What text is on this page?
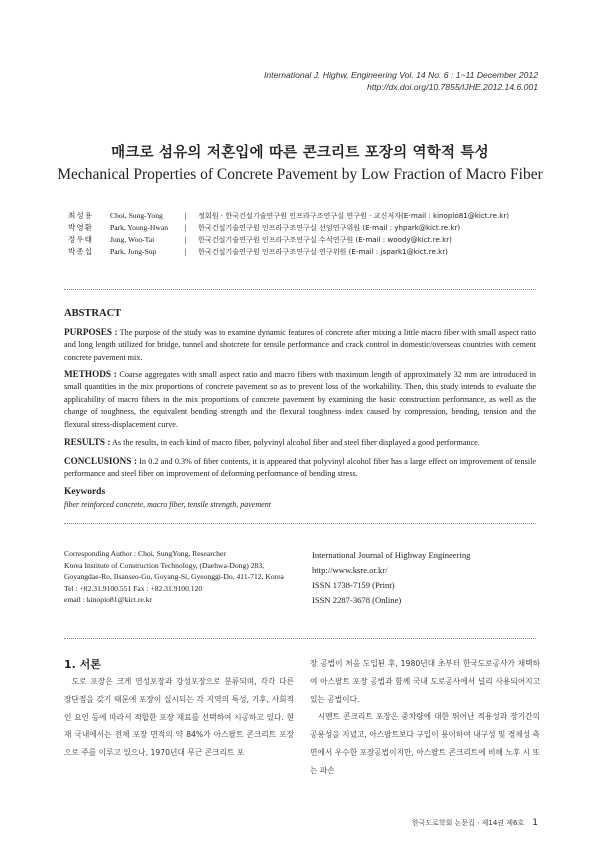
International J. Highw. Engineering Vol. 14 No. 6 : 1~11 December 2012
http://dx.doi.org/10.7855/IJHE.2012.14.6.001
매크로 섬유의 저혼입에 따른 콘크리트 포장의 역학적 특성
Mechanical Properties of Concrete Pavement by Low Fraction of Macro Fiber
최성용 Choi, Sung-Yong	| 정회원 · 한국건설기술연구원 인프라구조연구실 연구원 · 교신저자(E-mail : kinopio81@kict.re.kr)
박영환 Park, Young-Hwan | 한국건설기술연구원 인프라구조연구실 선임연구위원 (E-mail : yhpark@kict.re.kr)
정우태 Jung, Woo-Tai	| 한국건설기술연구원 인프라구조연구실 수석연구원 (E-mail : woody@kict.re.kr)
박종섭 Park, Jong-Sup	| 한국건설기술연구원 인프라구조연구실 연구위원 (E-mail : jspark1@kict.re.kr)
ABSTRACT
PURPOSES : The purpose of the study was to examine dynamic features of concrete after mixing a little macro fiber with small aspect ratio and long length utilized for bridge, tunnel and shotcrete for tensile performance and crack control in domestic/overseas countries with cement concrete pavement mix.
METHODS : Coarse aggregates with small aspect ratio and macro fibers with maximum length of approximately 32 mm are introduced in small quantities in the mix proportions of concrete pavement so as to prevent loss of the workability. Then, this study intends to evaluate the applicability of macro fibers in the mix proportions of concrete pavement by examining the basic construction performance, as well as the change of toughness, the equivalent bending strength and the flexural toughness index caused by compression, bending, tension and the flexural stress-displacement curve.
RESULTS : As the results, in each kind of macro fiber, polyvinyl alcohol fiber and steel fiber displayed a good performance.
CONCLUSIONS : In 0.2 and 0.3% of fiber contents, it is appeared that polyvinyl alcohol fiber has a large effect on improvement of tensile performance and steel fiber on improvement of deforming performance of bending stress.
Keywords
fiber reinforced concrete, macro fiber, tensile strength, pavement
Corresponding Author : Choi, SungYong, Researcher
Korea Institute of Construction Technology, (Daehwa-Dong) 283,
Goyangdae-Ro, Ilsanseo-Gu, Goyang-Si, Gyeonggi-Do, 411-712, Korea
Tel : +82.31.9100.551 Fax : +82.31.9100.120
email : kinopio81@kict.re.kr
International Journal of Highway Engineering
http://www.ksre.or.kr/
ISSN 1738-7159 (Print)
ISSN 2287-3678 (Online)
1. 서론

도로 포장은 크게 연성포장과 강성포장으로 분류되며, 각각 다른 장단점을 갖기 때문에 포장이 실시되는 각 지역의 특성, 기후, 사회적인 요인 등에 따라서 적합한 포장 재료를 선택하여 시공하고 있다. 현재 국내에서는 전체 포장 면적의 약 84%가 아스팔트 콘크리트 포장으로 주를 이루고 있으나, 1970년대 무근 콘크리트 포

장 공법이 처음 도입된 후, 1980년대 초부터 한국도로공사가 채택하여 아스팔트 포장 공법과 함께 국내 도로공사에서 널리 사용되어지고 있는 공법이다.

시멘트 콘크리트 포장은 중차량에 대한 뛰어난 적용성과 장기간의 공용성을 지녔고, 아스팔트보다 구입이 용이하여 내구성 및 경제성 측면에서 우수한 포장공법이지만, 아스팔트 콘크리트에 비해 노후 시 또는 파손

한국도로학회 논문집 · 제14권 제6호 1
